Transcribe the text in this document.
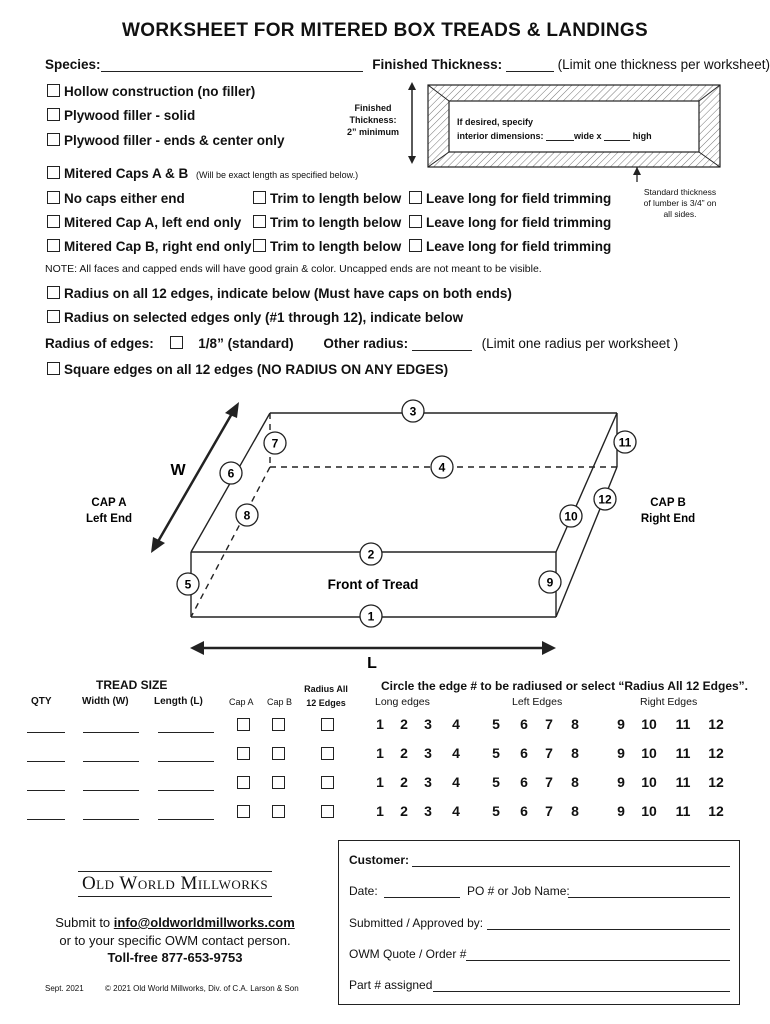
WORKSHEET FOR MITERED BOX TREADS & LANDINGS
Species:	Finished Thickness:	(Limit one thickness per worksheet)
Hollow construction (no filler)
Plywood filler - solid
Plywood filler - ends & center only
Finished
Thickness:
2” minimum
If desired, specify
interior dimensions:	wide x	high
Standard thickness
of lumber is 3/4” on
all sides.
Mitered Caps A & B (Will be exact length as specified below.)
No caps either end	Trim to length below	Leave long for field trimming
Mitered Cap A, left end only	Trim to length below	Leave long for field trimming
Mitered Cap B, right end only	Trim to length below	Leave long for field trimming
NOTE: All faces and capped ends will have good grain & color. Uncapped ends are not meant to be visible.
Radius on all 12 edges, indicate below (Must have caps on both ends)
Radius on selected edges only (#1 through 12), indicate below
Radius of edges:	1/8” (standard) Other radius:	(Limit one radius per worksheet )
Square edges on all 12 edges (NO RADIUS ON ANY EDGES)
W
L
CAP A
Left End
CAP B
Right End
Front of Tread
1
2
3
4
5
6
7
8
9
10
11
12
TREAD SIZE
QTY	Width (W)	Length (L)	Cap A Cap B
Radius All
12 Edges
Circle the edge # to be radiused or select “Radius All 12 Edges”.
Long edges	Left Edges	Right Edges
1	2	3	4	5	6	7	8	9	10 11 12
1	2	3	4	5	6	7	8	9	10 11 12
1	2	3	4	5	6	7	8	9	10 11 12
1	2	3	4	5	6	7	8	9	10 11 12
Old World Millworks
Submit to info@oldworldmillworks.com
or to your specific OWM contact person.
Toll-free 877-653-9753
Sept. 2021	© 2021 Old World Millworks, Div. of C.A. Larson & Son
Customer:
Date:	PO # or Job Name:
Submitted / Approved by:
OWM Quote / Order #
Part # assigned
